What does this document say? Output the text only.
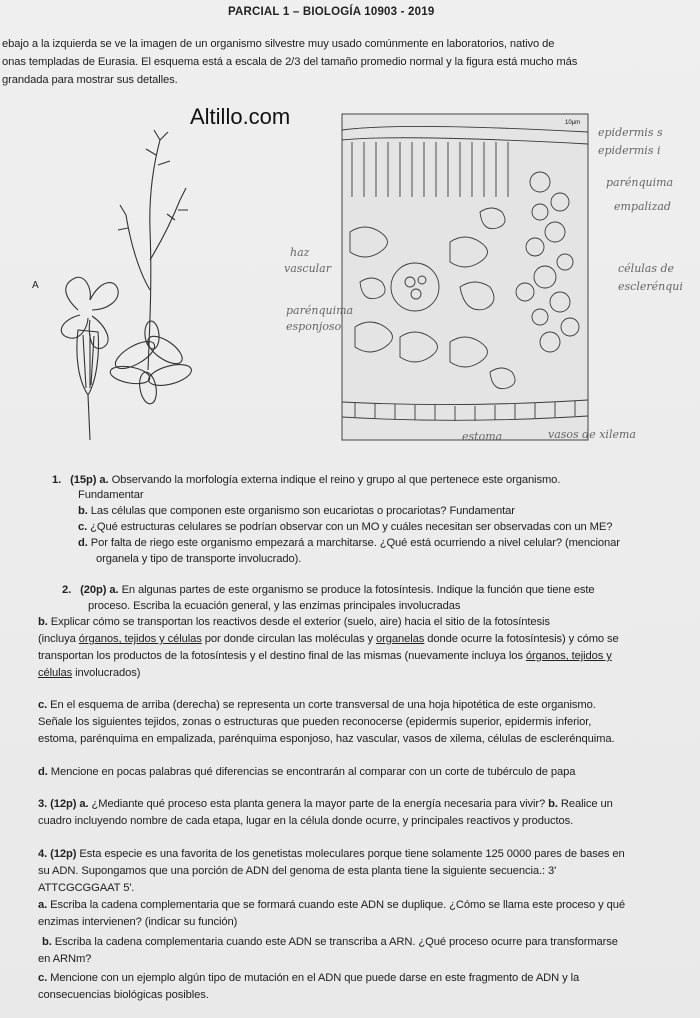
PARCIAL 1 – BIOLOGÍA 10903 - 2019
ebajo a la izquierda se ve la imagen de un organismo silvestre muy usado comúnmente en laboratorios, nativo de
onas templadas de Eurasia. El esquema está a escala de 2/3 del tamaño promedio normal y la figura está mucho más
grandada para mostrar sus detalles.
Altillo.com
A
10μm
epidermis s
epidermis i
parénquima
empalizad
células de
esclerénqui
haz
vascular
parénquima
esponjoso
estoma	vasos de xilema
1. (15p) a. Observando la morfología externa indique el reino y grupo al que pertenece este organismo.
Fundamentar
b. Las células que componen este organismo son eucariotas o procariotas? Fundamentar
c. ¿Qué estructuras celulares se podrían observar con un MO y cuáles necesitan ser observadas con un ME?
d. Por falta de riego este organismo empezará a marchitarse. ¿Qué está ocurriendo a nivel celular? (mencionar
organela y tipo de transporte involucrado).
2. (20p) a. En algunas partes de este organismo se produce la fotosíntesis. Indique la función que tiene este
proceso. Escriba la ecuación general, y las enzimas principales involucradas
b. Explicar cómo se transportan los reactivos desde el exterior (suelo, aire) hacia el sitio de la fotosíntesis
(incluya órganos, tejidos y células por donde circulan las moléculas y organelas donde ocurre la fotosíntesis) y cómo se
transportan los productos de la fotosíntesis y el destino final de las mismas (nuevamente incluya los órganos, tejidos y
células involucrados)
c. En el esquema de arriba (derecha) se representa un corte transversal de una hoja hipotética de este organismo.
Señale los siguientes tejidos, zonas o estructuras que pueden reconocerse (epidermis superior, epidermis inferior,
estoma, parénquima en empalizada, parénquima esponjoso, haz vascular, vasos de xilema, células de esclerénquima.
d. Mencione en pocas palabras qué diferencias se encontrarán al comparar con un corte de tubérculo de papa
3. (12p) a. ¿Mediante qué proceso esta planta genera la mayor parte de la energía necesaria para vivir? b. Realice un
cuadro incluyendo nombre de cada etapa, lugar en la célula donde ocurre, y principales reactivos y productos.
4. (12p) Esta especie es una favorita de los genetistas moleculares porque tiene solamente 125 0000 pares de bases en
su ADN. Supongamos que una porción de ADN del genoma de esta planta tiene la siguiente secuencia.: 3'
ATTCGCGGAAT 5'.
a. Escriba la cadena complementaria que se formará cuando este ADN se duplique. ¿Cómo se llama este proceso y qué
enzimas intervienen? (indicar su función)
b. Escriba la cadena complementaria cuando este ADN se transcriba a ARN. ¿Qué proceso ocurre para transformarse
en ARNm?
c. Mencione con un ejemplo algún tipo de mutación en el ADN que puede darse en este fragmento de ADN y la
consecuencias biológicas posibles.
